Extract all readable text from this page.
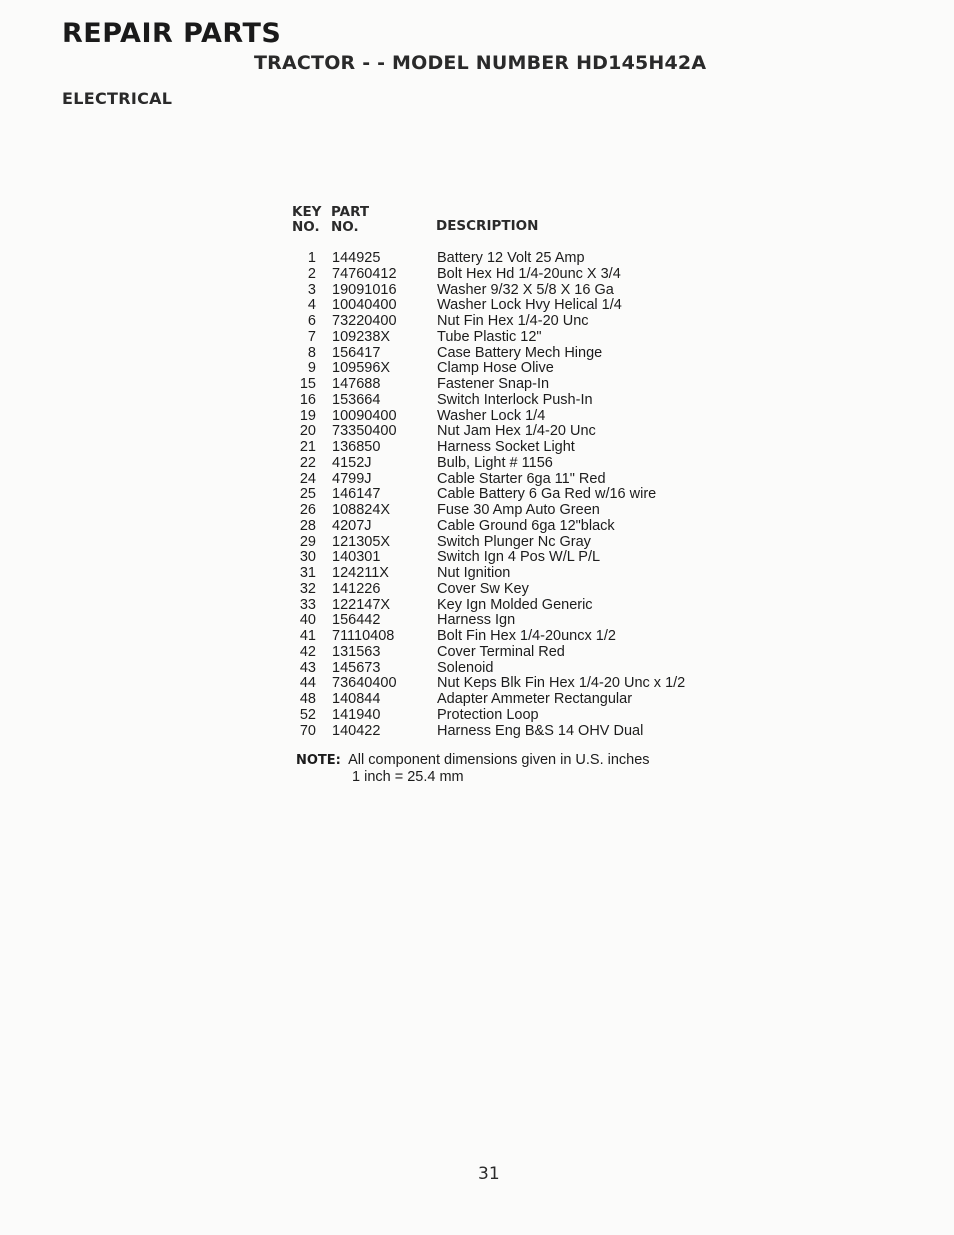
REPAIR PARTS
TRACTOR - - MODEL NUMBER HD145H42A
ELECTRICAL
KEY PART
NO. NO.	DESCRIPTION
1 144925	Battery 12 Volt 25 Amp
2 74760412	Bolt Hex Hd 1/4-20unc X 3/4
3 19091016	Washer 9/32 X 5/8 X 16 Ga
4 10040400	Washer Lock Hvy Helical 1/4
6 73220400	Nut Fin Hex 1/4-20 Unc
7 109238X	Tube Plastic 12"
8 156417	Case Battery Mech Hinge
9 109596X	Clamp Hose Olive
15 147688	Fastener Snap-In
16 153664	Switch Interlock Push-In
19 10090400	Washer Lock 1/4
20 73350400	Nut Jam Hex 1/4-20 Unc
21 136850	Harness Socket Light
22 4152J	Bulb, Light # 1156
24 4799J	Cable Starter 6ga 11" Red
25 146147	Cable Battery 6 Ga Red w/16 wire
26 108824X	Fuse 30 Amp Auto Green
28 4207J	Cable Ground 6ga 12"black
29 121305X	Switch Plunger Nc Gray
30 140301	Switch Ign 4 Pos W/L P/L
31 124211X	Nut Ignition
32 141226	Cover Sw Key
33 122147X	Key Ign Molded Generic
40 156442	Harness Ign
41 71110408	Bolt Fin Hex 1/4-20uncx 1/2
42 131563	Cover Terminal Red
43 145673	Solenoid
44 73640400	Nut Keps Blk Fin Hex 1/4-20 Unc x 1/2
48 140844	Adapter Ammeter Rectangular
52 141940	Protection Loop
70 140422	Harness Eng B&S 14 OHV Dual
NOTE: All component dimensions given in U.S. inches
1 inch = 25.4 mm
31
